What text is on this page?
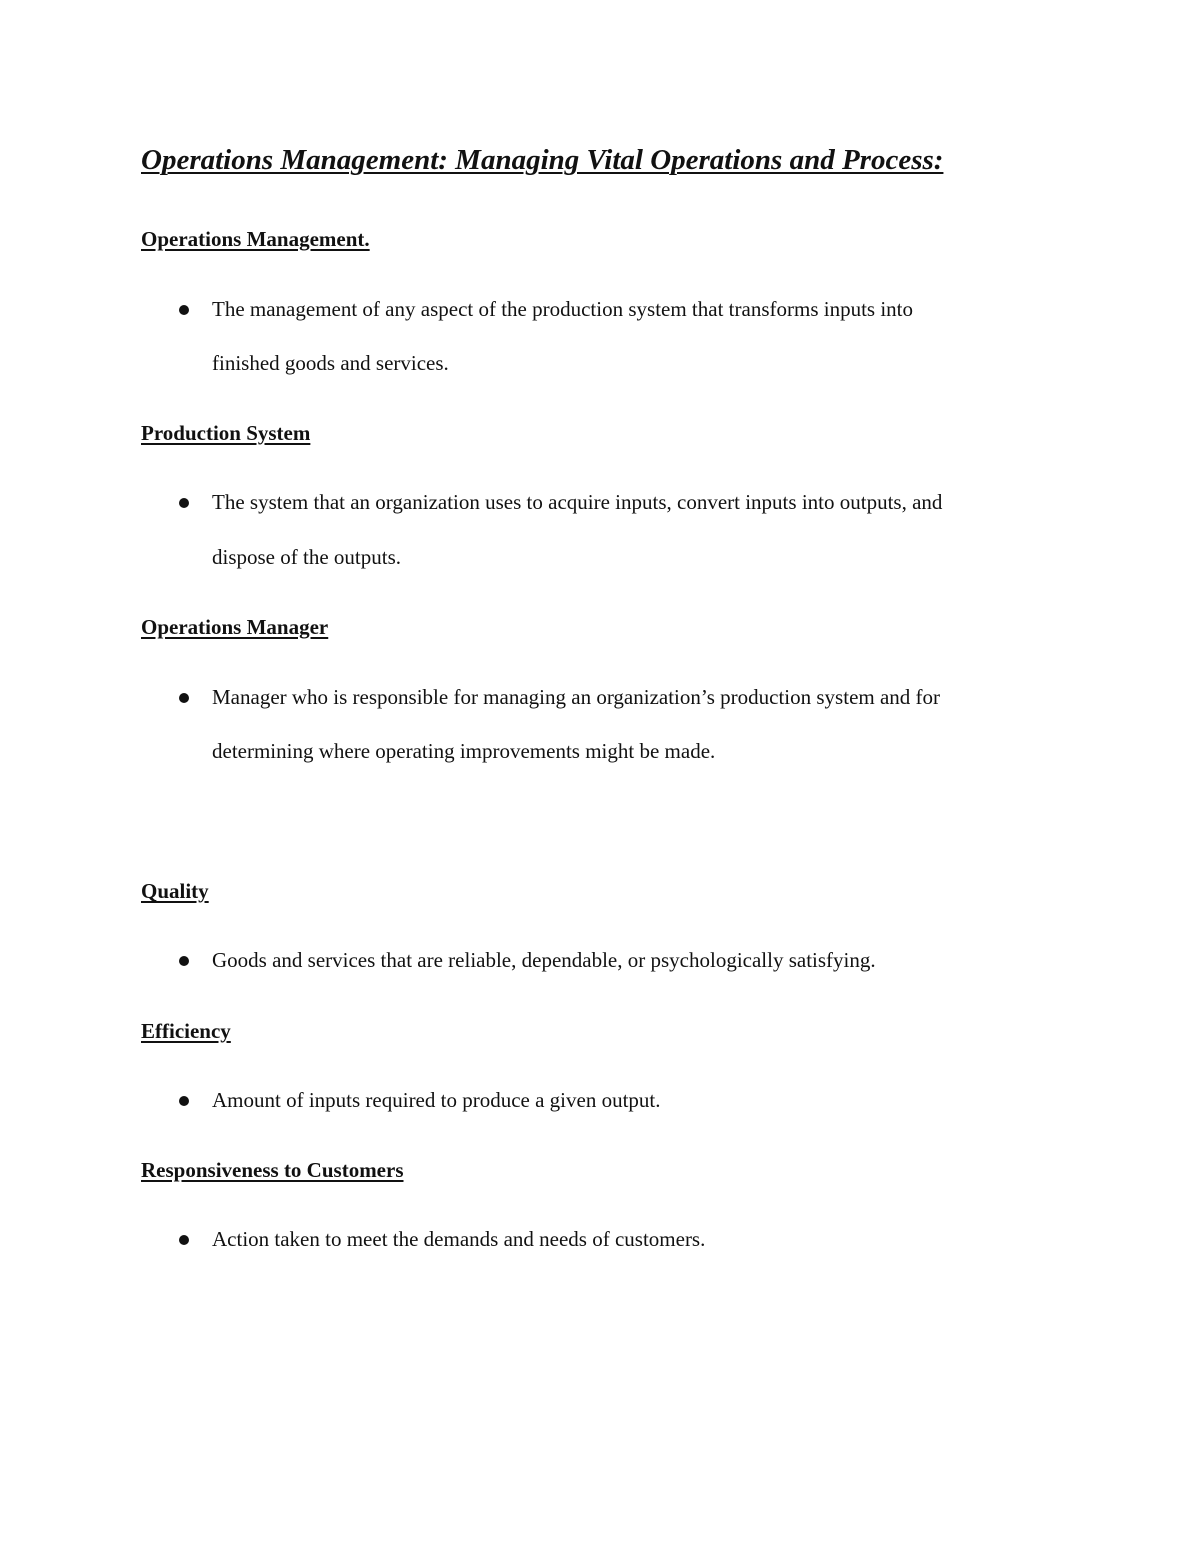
Operations Management: Managing Vital Operations and Process:
Operations Management.

The management of any aspect of the production system that transforms inputs into

finished goods and services.

Production System

The system that an organization uses to acquire inputs, convert inputs into outputs, and

dispose of the outputs.

Operations Manager

Manager who is responsible for managing an organization’s production system and for

determining where operating improvements might be made.

Quality

Goods and services that are reliable, dependable, or psychologically satisfying.

Efficiency

Amount of inputs required to produce a given output.

Responsiveness to Customers

Action taken to meet the demands and needs of customers.
